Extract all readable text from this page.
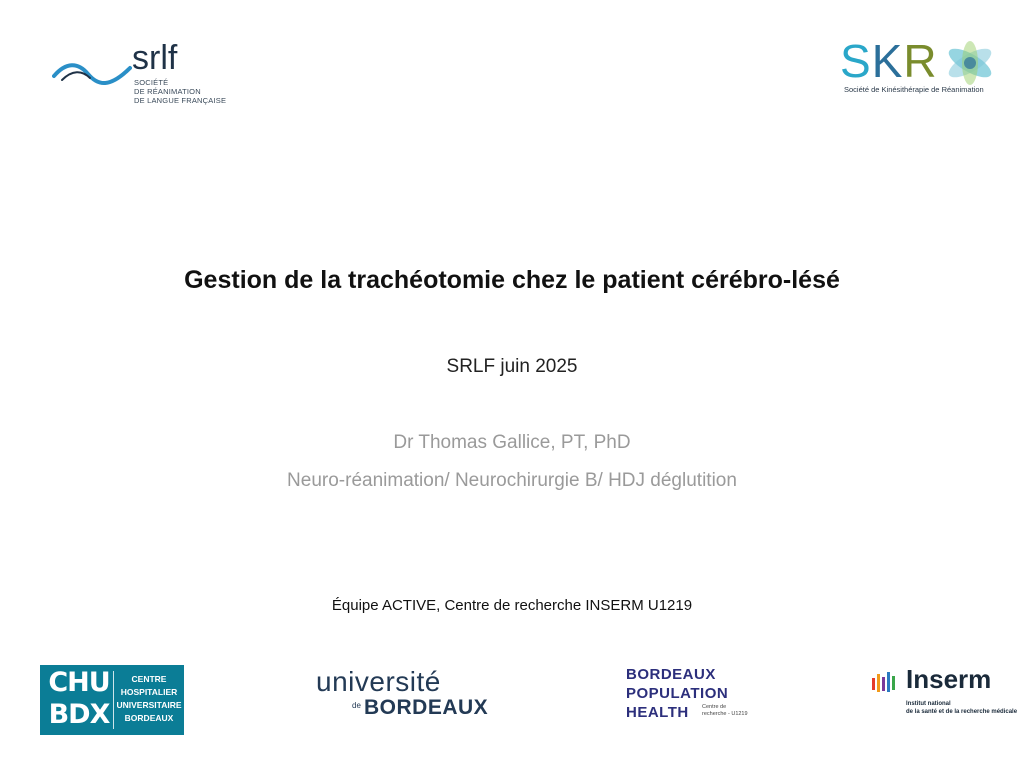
srlf
SOCIÉTÉ
DE RÉANIMATION
DE LANGUE FRANÇAISE
SKR
Société de Kinésithérapie de Réanimation
Gestion de la trachéotomie chez le patient cérébro-lésé
SRLF juin 2025
Dr Thomas Gallice, PT, PhD
Neuro-réanimation/ Neurochirurgie B/ HDJ déglutition
Équipe ACTIVE, Centre de recherche INSERM U1219
CHU
BDX
CENTRE
HOSPITALIER
UNIVERSITAIRE
BORDEAUX
université
de BORDEAUX
BORDEAUX
POPULATION
HEALTH Centre de
recherche - U1219
Inserm
Institut national
de la santé et de la recherche médicale
